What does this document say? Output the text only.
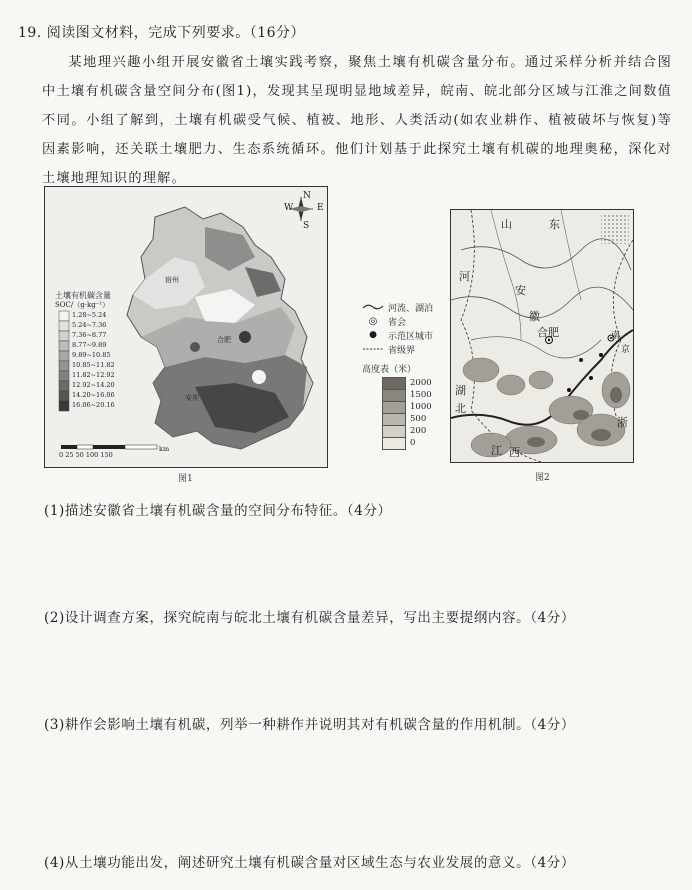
19. 阅读图文材料，完成下列要求。（16分）
某地理兴趣小组开展安徽省土壤实践考察，聚焦土壤有机碳含量分布。通过采样分析并结合图中土壤有机碳含量空间分布(图1)，发现其呈现明显地域差异，皖南、皖北部分区域与江淮之间数值不同。小组了解到，土壤有机碳受气候、植被、地形、人类活动(如农业耕作、植被破坏与恢复)等因素影响，还关联土壤肥力、生态系统循环。他们计划基于此探究土壤有机碳的地理奥秘，深化对土壤地理知识的理解。
N
S
W	E
土壤有机碳含量
SOC/（g·kg⁻¹）
1.28~5.24
5.24~7.36
7.36~8.77
8.77~9.89
9.89~10.85
10.85~11.82
11.82~12.92
12.92~14.20
14.20~16.06
16.06~20.16
0 25 50 100 150
km
宿州
合肥
安庆
图1
河流、湖泊
◎	省会
●	示范区城市
省级界
高度表（米）
2000
1500
1000
500
200
0
山	东
河
安
徽
合肥	南
京
湖
北
浙
江 西
图2
(1)描述安徽省土壤有机碳含量的空间分布特征。（4分）
(2)设计调查方案，探究皖南与皖北土壤有机碳含量差异，写出主要提纲内容。（4分）
(3)耕作会影响土壤有机碳，列举一种耕作并说明其对有机碳含量的作用机制。（4分）
(4)从土壤功能出发，阐述研究土壤有机碳含量对区域生态与农业发展的意义。（4分）
